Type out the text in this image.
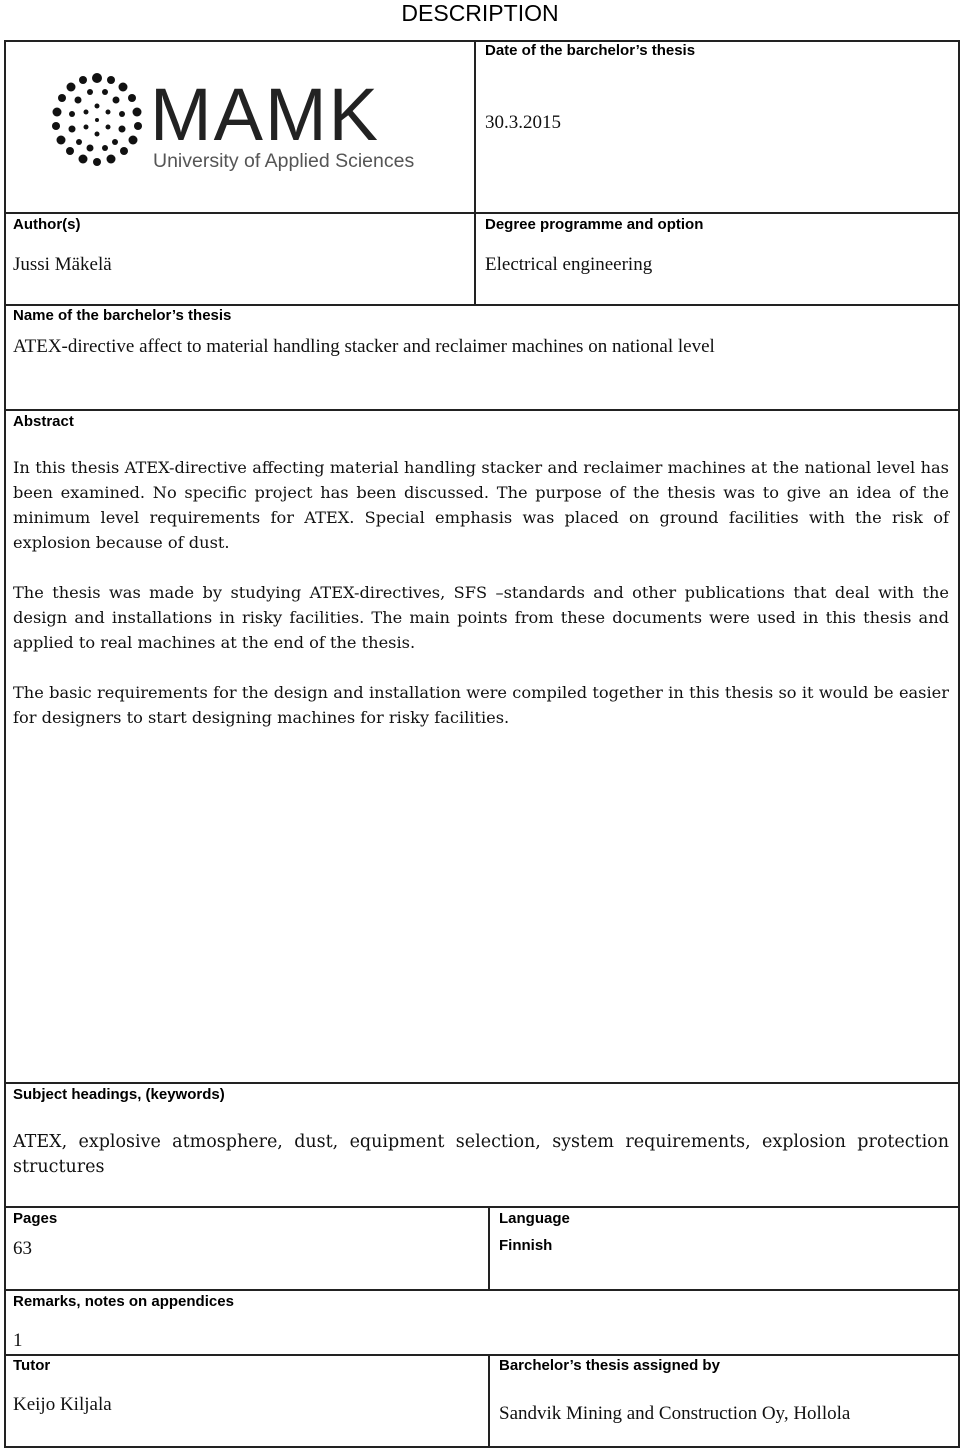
DESCRIPTION
MAMK
University of Applied Sciences
Date of the barchelor’s thesis
30.3.2015
Author(s)
Jussi Mäkelä
Degree programme and option
Electrical engineering
Name of the barchelor’s thesis
ATEX-directive affect to material handling stacker and reclaimer machines on national level
Abstract

In this thesis ATEX-directive affecting material handling stacker and reclaimer machines at the national level has been examined. No specific project has been discussed. The purpose of the thesis was to give an idea of the minimum level requirements for ATEX. Special emphasis was placed on ground facilities with the risk of explosion because of dust.

The thesis was made by studying ATEX-directives, SFS –standards and other publications that deal with the design and installations in risky facilities. The main points from these documents were used in this thesis and applied to real machines at the end of the thesis.

The basic requirements for the design and installation were compiled together in this thesis so it would be easier for designers to start designing machines for risky facilities.

Subject headings, (keywords)
ATEX, explosive atmosphere, dust, equipment selection, system requirements, explosion protection structures
Pages
63
Language
Finnish
Remarks, notes on appendices
1
Tutor
Keijo Kiljala
Barchelor’s thesis assigned by
Sandvik Mining and Construction Oy, Hollola
